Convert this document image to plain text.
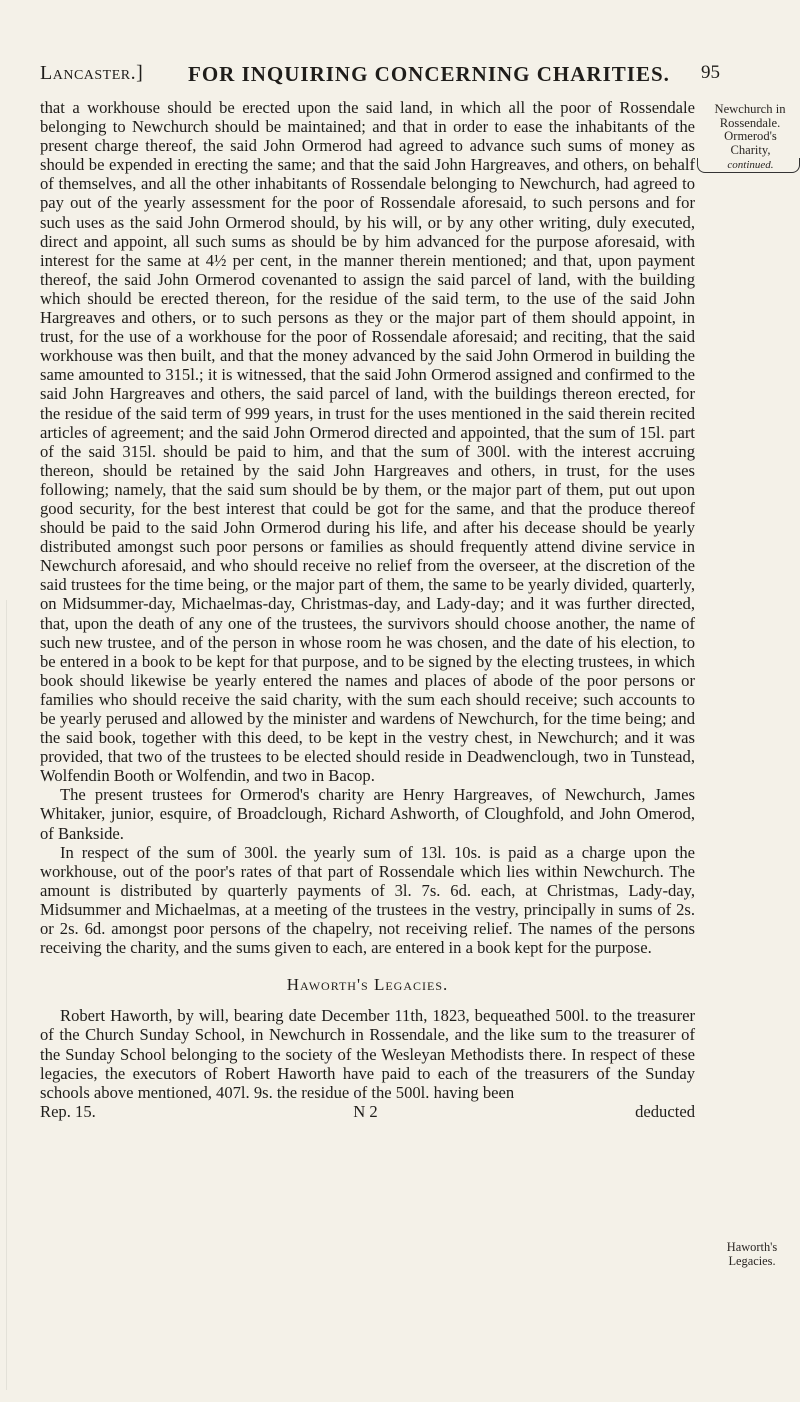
Lancaster.] FOR INQUIRING CONCERNING CHARITIES. 95
Newchurch in Rossendale.
Ormerod's Charity,
continued.

that a workhouse should be erected upon the said land, in which all the poor of Rossendale belonging to Newchurch should be maintained; and that in order to ease the inhabitants of the present charge thereof, the said John Ormerod had agreed to advance such sums of money as should be expended in erecting the same; and that the said John Hargreaves, and others, on behalf of themselves, and all the other inhabitants of Rossendale belonging to Newchurch, had agreed to pay out of the yearly assessment for the poor of Rossendale aforesaid, to such persons and for such uses as the said John Ormerod should, by his will, or by any other writing, duly executed, direct and appoint, all such sums as should be by him advanced for the purpose aforesaid, with interest for the same at 4½ per cent, in the manner therein mentioned; and that, upon payment thereof, the said John Ormerod covenanted to assign the said parcel of land, with the building which should be erected thereon, for the residue of the said term, to the use of the said John Hargreaves and others, or to such persons as they or the major part of them should appoint, in trust, for the use of a workhouse for the poor of Rossendale aforesaid; and reciting, that the said workhouse was then built, and that the money advanced by the said John Ormerod in building the same amounted to 315l.; it is witnessed, that the said John Ormerod assigned and confirmed to the said John Hargreaves and others, the said parcel of land, with the buildings thereon erected, for the residue of the said term of 999 years, in trust for the uses mentioned in the said therein recited articles of agreement; and the said John Ormerod directed and appointed, that the sum of 15l. part of the said 315l. should be paid to him, and that the sum of 300l. with the interest accruing thereon, should be retained by the said John Hargreaves and others, in trust, for the uses following; namely, that the said sum should be by them, or the major part of them, put out upon good security, for the best interest that could be got for the same, and that the produce thereof should be paid to the said John Ormerod during his life, and after his decease should be yearly distributed amongst such poor persons or families as should frequently attend divine service in Newchurch aforesaid, and who should receive no relief from the overseer, at the discretion of the said trustees for the time being, or the major part of them, the same to be yearly divided, quarterly, on Midsummer-day, Michaelmas-day, Christmas-day, and Lady-day; and it was further directed, that, upon the death of any one of the trustees, the survivors should choose another, the name of such new trustee, and of the person in whose room he was chosen, and the date of his election, to be entered in a book to be kept for that purpose, and to be signed by the electing trustees, in which book should likewise be yearly entered the names and places of abode of the poor persons or families who should receive the said charity, with the sum each should receive; such accounts to be yearly perused and allowed by the minister and wardens of Newchurch, for the time being; and the said book, together with this deed, to be kept in the vestry chest, in Newchurch; and it was provided, that two of the trustees to be elected should reside in Deadwenclough, two in Tunstead, Wolfendin Booth or Wolfendin, and two in Bacop.

The present trustees for Ormerod's charity are Henry Hargreaves, of Newchurch, James Whitaker, junior, esquire, of Broadclough, Richard Ashworth, of Cloughfold, and John Omerod, of Bankside.

In respect of the sum of 300l. the yearly sum of 13l. 10s. is paid as a charge upon the workhouse, out of the poor's rates of that part of Rossendale which lies within Newchurch. The amount is distributed by quarterly payments of 3l. 7s. 6d. each, at Christmas, Lady-day, Midsummer and Michaelmas, at a meeting of the trustees in the vestry, principally in sums of 2s. or 2s. 6d. amongst poor persons of the chapelry, not receiving relief. The names of the persons receiving the charity, and the sums given to each, are entered in a book kept for the purpose.

Haworth's Legacies.

Robert Haworth, by will, bearing date December 11th, 1823, bequeathed 500l. to the treasurer of the Church Sunday School, in Newchurch in Rossendale, and the like sum to the treasurer of the Sunday School belonging to the society of the Wesleyan Methodists there. In respect of these legacies, the executors of Robert Haworth have paid to each of the treasurers of the Sunday schools above mentioned, 407l. 9s. the residue of the 500l. having been

Rep. 15.	N 2	deducted
Haworth's Legacies.
